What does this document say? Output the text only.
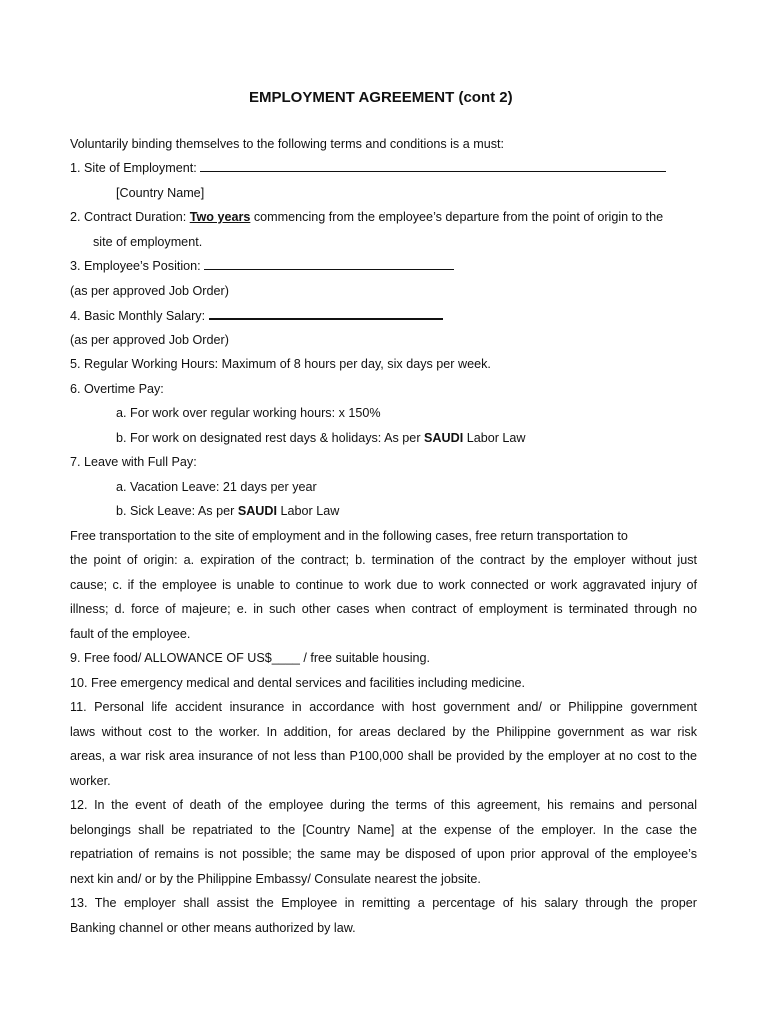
EMPLOYMENT AGREEMENT (cont 2)
Voluntarily binding themselves to the following terms and conditions is a must:
1. Site of Employment:
[Country Name]
2. Contract Duration: Two years commencing from the employee’s departure from the point of origin to the
site of employment.
3. Employee’s Position:
(as per approved Job Order)
4. Basic Monthly Salary:
(as per approved Job Order)
5. Regular Working Hours: Maximum of 8 hours per day, six days per week.
6. Overtime Pay:
a. For work over regular working hours: x 150%
b. For work on designated rest days & holidays: As per SAUDI Labor Law
7. Leave with Full Pay:
a. Vacation Leave: 21 days per year
b. Sick Leave: As per SAUDI Labor Law
Free transportation to the site of employment and in the following cases, free return transportation to
the point of origin: a. expiration of the contract; b. termination of the contract by the employer without just
cause; c. if the employee is unable to continue to work due to work connected or work aggravated injury of
illness; d. force of majeure; e. in such other cases when contract of employment is terminated through no
fault of the employee.
9. Free food/ ALLOWANCE OF US$____ / free suitable housing.
10. Free emergency medical and dental services and facilities including medicine.
11. Personal life accident insurance in accordance with host government and/ or Philippine government
laws without cost to the worker. In addition, for areas declared by the Philippine government as war risk
areas, a war risk area insurance of not less than P100,000 shall be provided by the employer at no cost to the
worker.
12. In the event of death of the employee during the terms of this agreement, his remains and personal
belongings shall be repatriated to the [Country Name] at the expense of the employer. In the case the
repatriation of remains is not possible; the same may be disposed of upon prior approval of the employee’s
next kin and/ or by the Philippine Embassy/ Consulate nearest the jobsite.
13. The employer shall assist the Employee in remitting a percentage of his salary through the proper
Banking channel or other means authorized by law.
